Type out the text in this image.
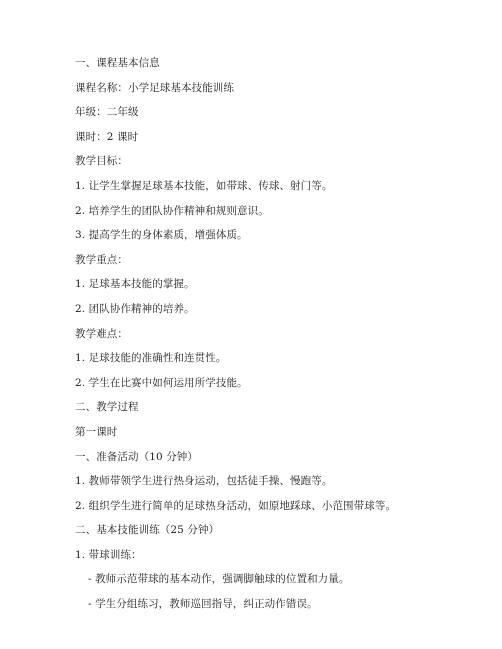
一、课程基本信息
课程名称：小学足球基本技能训练
年级：二年级
课时：2 课时
教学目标：
1. 让学生掌握足球基本技能，如带球、传球、射门等。
2. 培养学生的团队协作精神和规则意识。
3. 提高学生的身体素质，增强体质。
教学重点：
1. 足球基本技能的掌握。
2. 团队协作精神的培养。
教学难点：
1. 足球技能的准确性和连贯性。
2. 学生在比赛中如何运用所学技能。
二、教学过程
第一课时
一、准备活动（10 分钟）
1. 教师带领学生进行热身运动，包括徒手操、慢跑等。
2. 组织学生进行简单的足球热身活动，如原地踩球、小范围带球等。
二、基本技能训练（25 分钟）
1. 带球训练：
- 教师示范带球的基本动作，强调脚触球的位置和力量。
- 学生分组练习，教师巡回指导，纠正动作错误。
